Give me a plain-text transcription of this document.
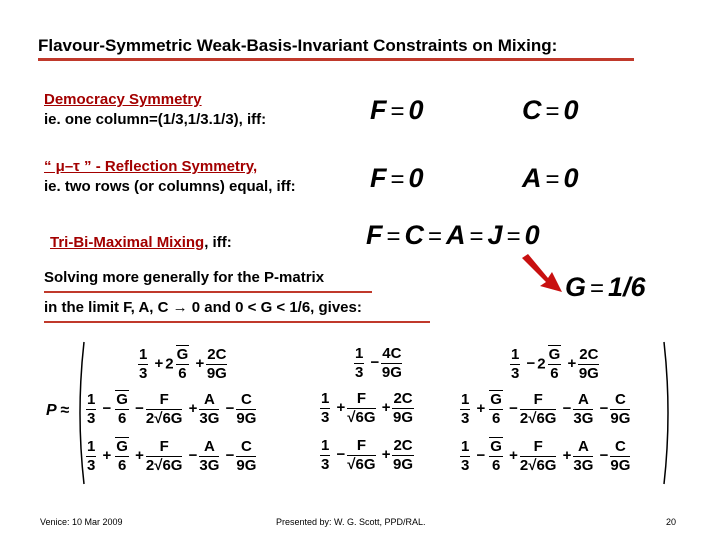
Flavour-Symmetric Weak-Basis-Invariant Constraints on Mixing:
Democracy Symmetry
ie. one column=(1/3,1/3.1/3), iff:	F = 0	C = 0
“ μ–τ ” - Reflection Symmetry,
ie. two rows (or columns) equal, iff:	F = 0	A = 0
Tri-Bi-Maximal Mixing, iff:	F = C = A = J = 0
Solving more generally for the P-matrix
in the limit F, A, C → 0 and 0 < G < 1/6, gives:
G = 1/6
P ≈
$\frac{1}{3} + 2 \frac{G}{6} + \frac{2C}{9G}$	$\frac{1}{3} - \frac{4C}{9G}$	$\frac{1}{3} - 2 \frac{G}{6} + \frac{2C}{9G}$
$\frac{1}{3} - \frac{G}{6} - \frac{F}{2√6G} + \frac{A}{3G} - \frac{C}{9G}$	$\frac{1}{3} + \frac{F}{√6G} + \frac{2C}{9G}$	$\frac{1}{3} + \frac{G}{6} - \frac{F}{2√6G} - \frac{A}{3G} - \frac{C}{9G}$
$\frac{1}{3} + \frac{G}{6} + \frac{F}{2√6G} - \frac{A}{3G} - \frac{C}{9G}$	$\frac{1}{3} - \frac{F}{√6G} + \frac{2C}{9G}$	$\frac{1}{3} - \frac{G}{6} + \frac{F}{2√6G} + \frac{A}{3G} - \frac{C}{9G}$
Venice: 10 Mar 2009	Presented by: W. G. Scott, PPD/RAL.	20
